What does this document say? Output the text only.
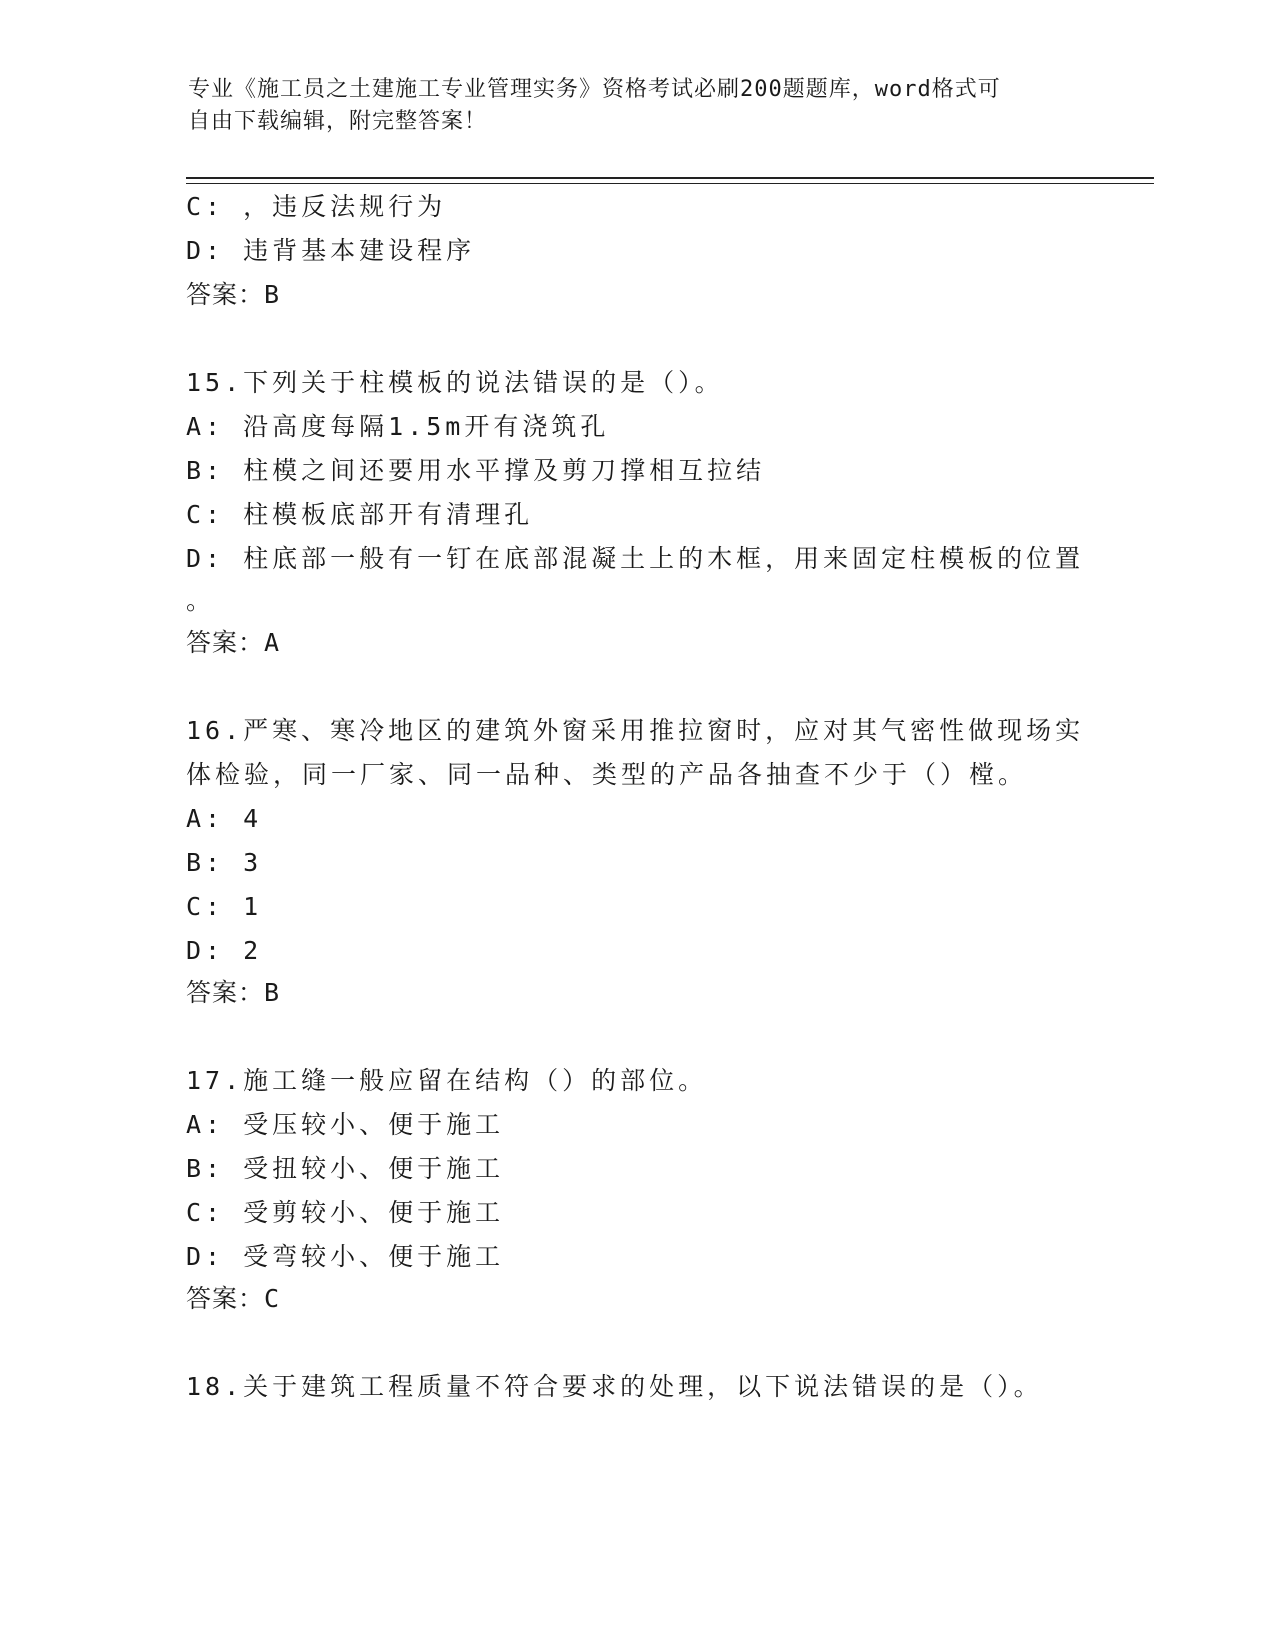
专业《施工员之土建施工专业管理实务》资格考试必刷200题题库，word格式可
自由下载编辑，附完整答案！
C: ，违反法规行为
D: 违背基本建设程序
答案：B
15.下列关于柱模板的说法错误的是（）。
A: 沿高度每隔1.5m开有浇筑孔
B: 柱模之间还要用水平撑及剪刀撑相互拉结
C: 柱模板底部开有清理孔
D: 柱底部一般有一钉在底部混凝土上的木框，用来固定柱模板的位置
。
答案：A
16.严寒、寒冷地区的建筑外窗采用推拉窗时，应对其气密性做现场实
体检验，同一厂家、同一品种、类型的产品各抽查不少于（）樘。
A: 4
B: 3
C: 1
D: 2
答案：B
17.施工缝一般应留在结构（）的部位。
A: 受压较小、便于施工
B: 受扭较小、便于施工
C: 受剪较小、便于施工
D: 受弯较小、便于施工
答案：C
18.关于建筑工程质量不符合要求的处理，以下说法错误的是（）。
